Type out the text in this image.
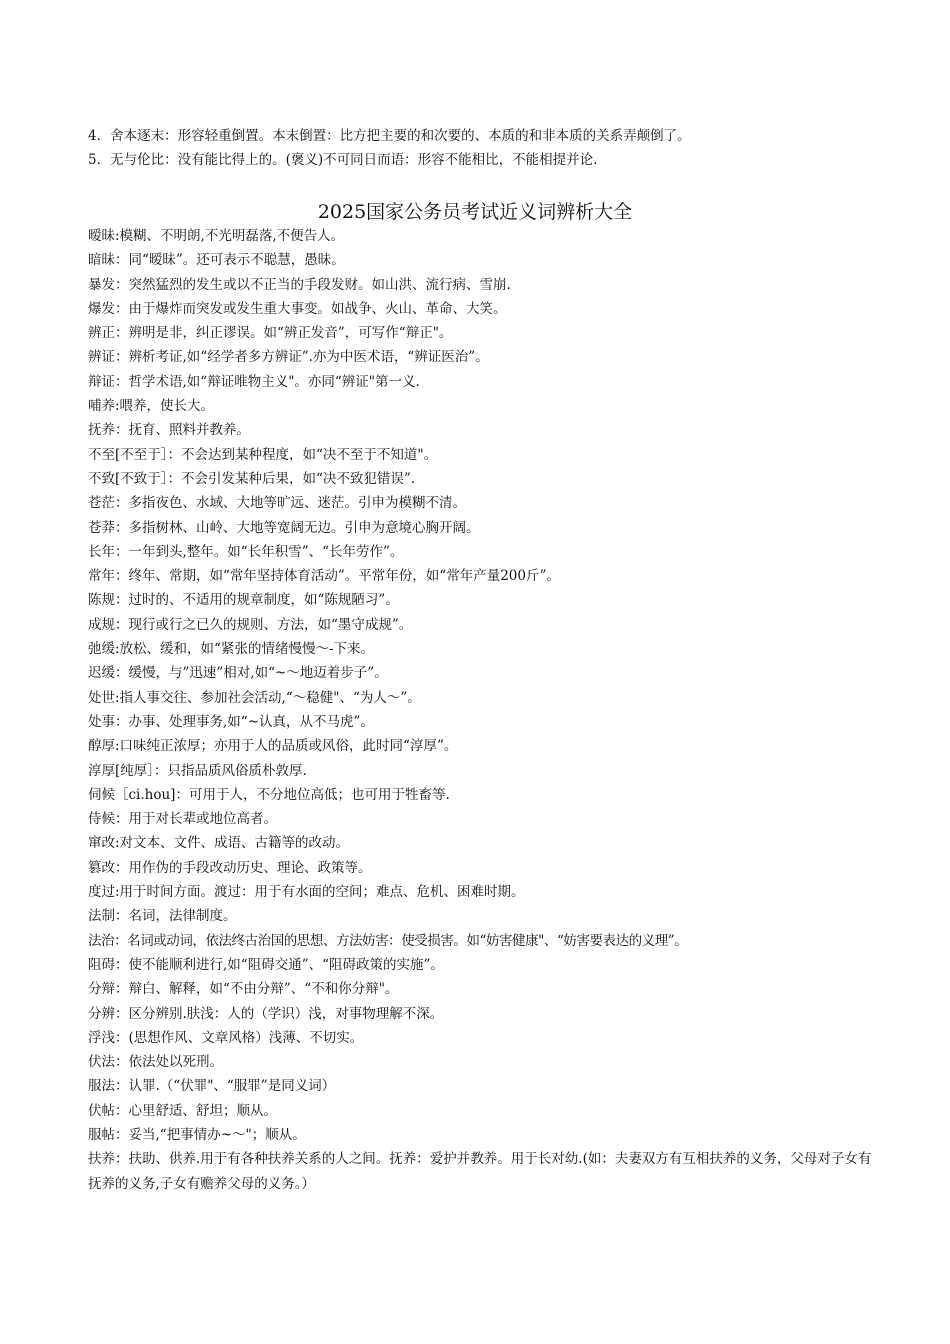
4．舍本逐末：形容轻重倒置。本末倒置：比方把主要的和次要的、本质的和非本质的关系弄颠倒了。
5．无与伦比：没有能比得上的。(褒义)不可同日而语：形容不能相比，不能相提并论.
2025国家公务员考试近义词辨析大全
暧昧:模糊、不明朗,不光明磊落,不便告人。
暗昧：同“暧昧”。还可表示不聪慧，愚昧。
暴发：突然猛烈的发生或以不正当的手段发财。如山洪、流行病、雪崩.
爆发：由于爆炸而突发或发生重大事变。如战争、火山、革命、大笑。
辨正：辨明是非，纠正谬误。如“辨正发音”，可写作“辩正"。
辨证：辨析考证,如“经学者多方辨证”.亦为中医术语，“辨证医治”。
辩证：哲学术语,如“辩证唯物主义"。亦同“辨证"第一义.
哺养:喂养，使长大。
抚养：抚育、照料并教养。
不至[不至于］：不会达到某种程度，如“决不至于不知道"。
不致[不致于］：不会引发某种后果，如“决不致犯错误”.
苍茫：多指夜色、水域、大地等旷远、迷茫。引申为模糊不清。
苍莽：多指树林、山岭、大地等宽阔无边。引申为意境心胸开阔。
长年：一年到头,整年。如“长年积雪”、“长年劳作”。
常年：终年、常期，如“常年坚持体育活动”。平常年份，如“常年产量200斤”。
陈规：过时的、不适用的规章制度，如“陈规陋习”。
成规：现行或行之已久的规则、方法，如“墨守成规”。
弛缓:放松、缓和，如“紧张的情绪慢慢～-下来。
迟缓：缓慢，与”迅速”相对,如“~～地迈着步子”。
处世:指人事交往、参加社会活动,“～稳健"、“为人～”。
处事：办事、处理事务,如“~认真，从不马虎”。
醇厚:口味纯正浓厚；亦用于人的品质或风俗，此时同“淳厚”。
淳厚[纯厚］：只指品质风俗质朴敦厚.
伺候［ci.hou]：可用于人，不分地位高低；也可用于牲畜等.
侍候：用于对长辈或地位高者。
窜改:对文本、文件、成语、古籍等的改动。
篡改：用作伪的手段改动历史、理论、政策等。
度过:用于时间方面。渡过：用于有水面的空间；难点、危机、困难时期。
法制：名词，法律制度。
法治：名词或动词，依法终古治国的思想、方法妨害：使受损害。如“妨害健康"、“妨害要表达的义理”。
阻碍：使不能顺利进行,如“阻碍交通”、“阻碍政策的实施”。
分辩：辩白、解释，如“不由分辩”、“不和你分辩"。
分辨：区分辨别.肤浅：人的（学识）浅，对事物理解不深。
浮浅：(思想作风、文章风格）浅薄、不切实。
伏法：依法处以死刑。
服法：认罪.（“伏罪"、“服罪”是同义词）
伏帖：心里舒适、舒坦；顺从。
服帖：妥当,“把事情办~～"；顺从。
扶养：扶助、供养.用于有各种扶养关系的人之间。抚养：爱护并教养。用于长对幼.(如：夫妻双方有互相扶养的义务，父母对子女有抚养的义务,子女有赡养父母的义务。）
